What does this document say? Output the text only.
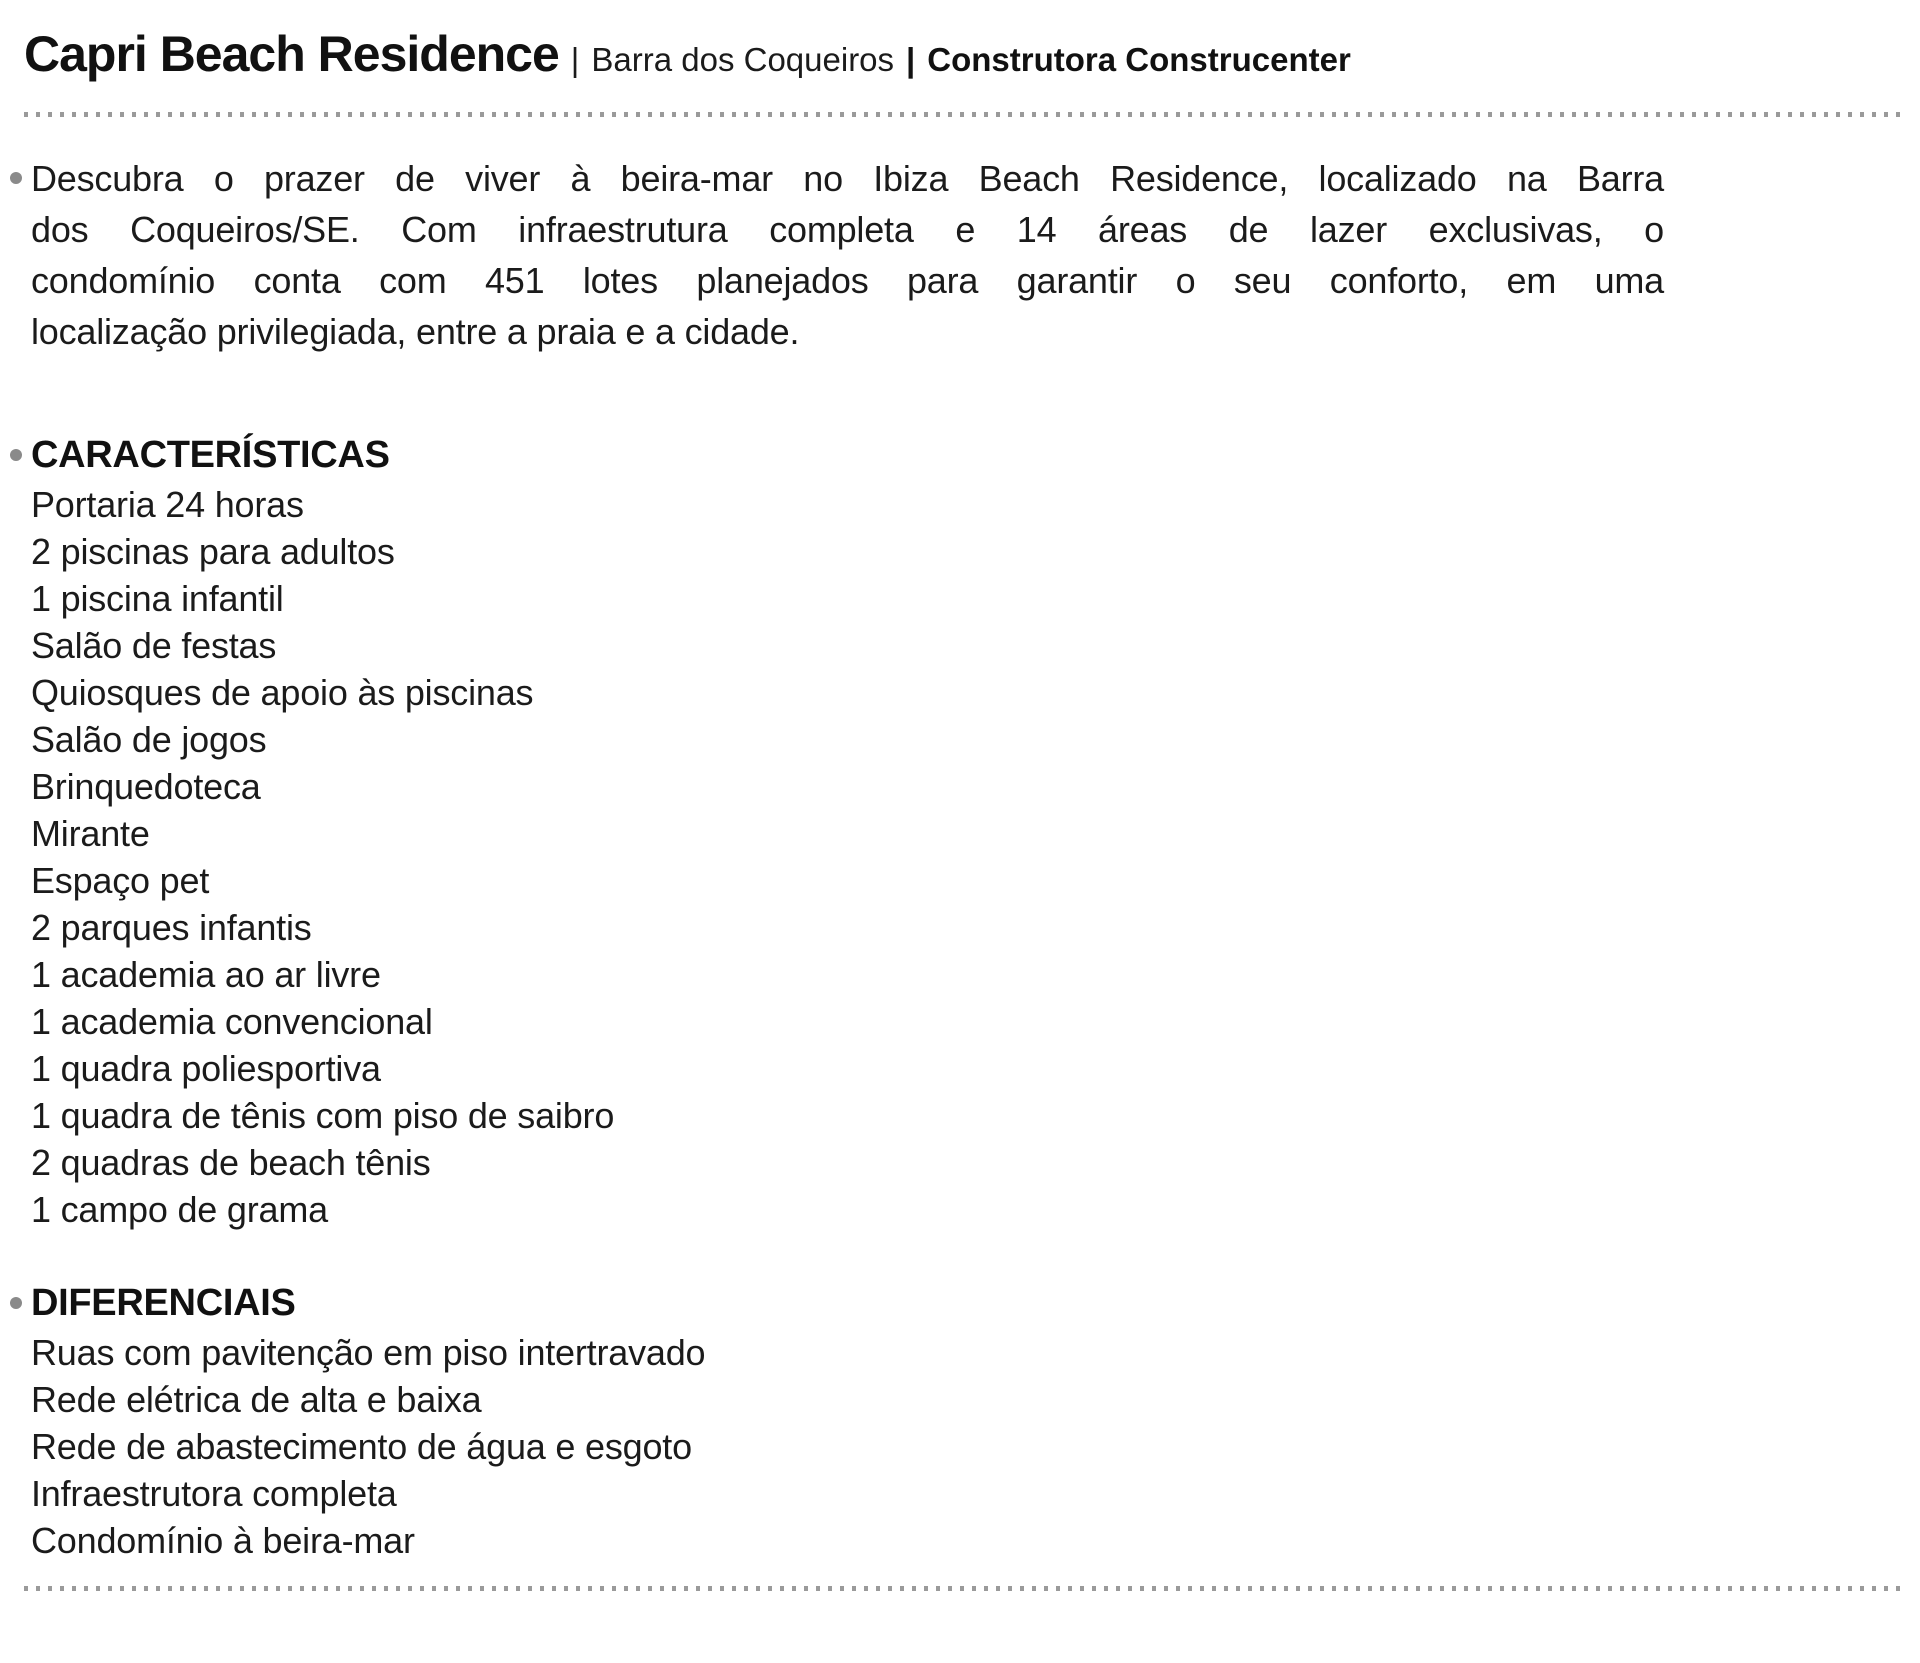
Capri Beach Residence | Barra dos Coqueiros | Construtora Construcenter
Descubra o prazer de viver à beira-mar no Ibiza Beach Residence, localizado na Barra
dos Coqueiros/SE. Com infraestrutura completa e 14 áreas de lazer exclusivas, o
condomínio conta com 451 lotes planejados para garantir o seu conforto, em uma
localização privilegiada, entre a praia e a cidade.
CARACTERÍSTICAS
Portaria 24 horas
2 piscinas para adultos
1 piscina infantil
Salão de festas
Quiosques de apoio às piscinas
Salão de jogos
Brinquedoteca
Mirante
Espaço pet
2 parques infantis
1 academia ao ar livre
1 academia convencional
1 quadra poliesportiva
1 quadra de tênis com piso de saibro
2 quadras de beach tênis
1 campo de grama
DIFERENCIAIS
Ruas com pavitenção em piso intertravado
Rede elétrica de alta e baixa
Rede de abastecimento de água e esgoto
Infraestrutora completa
Condomínio à beira-mar
